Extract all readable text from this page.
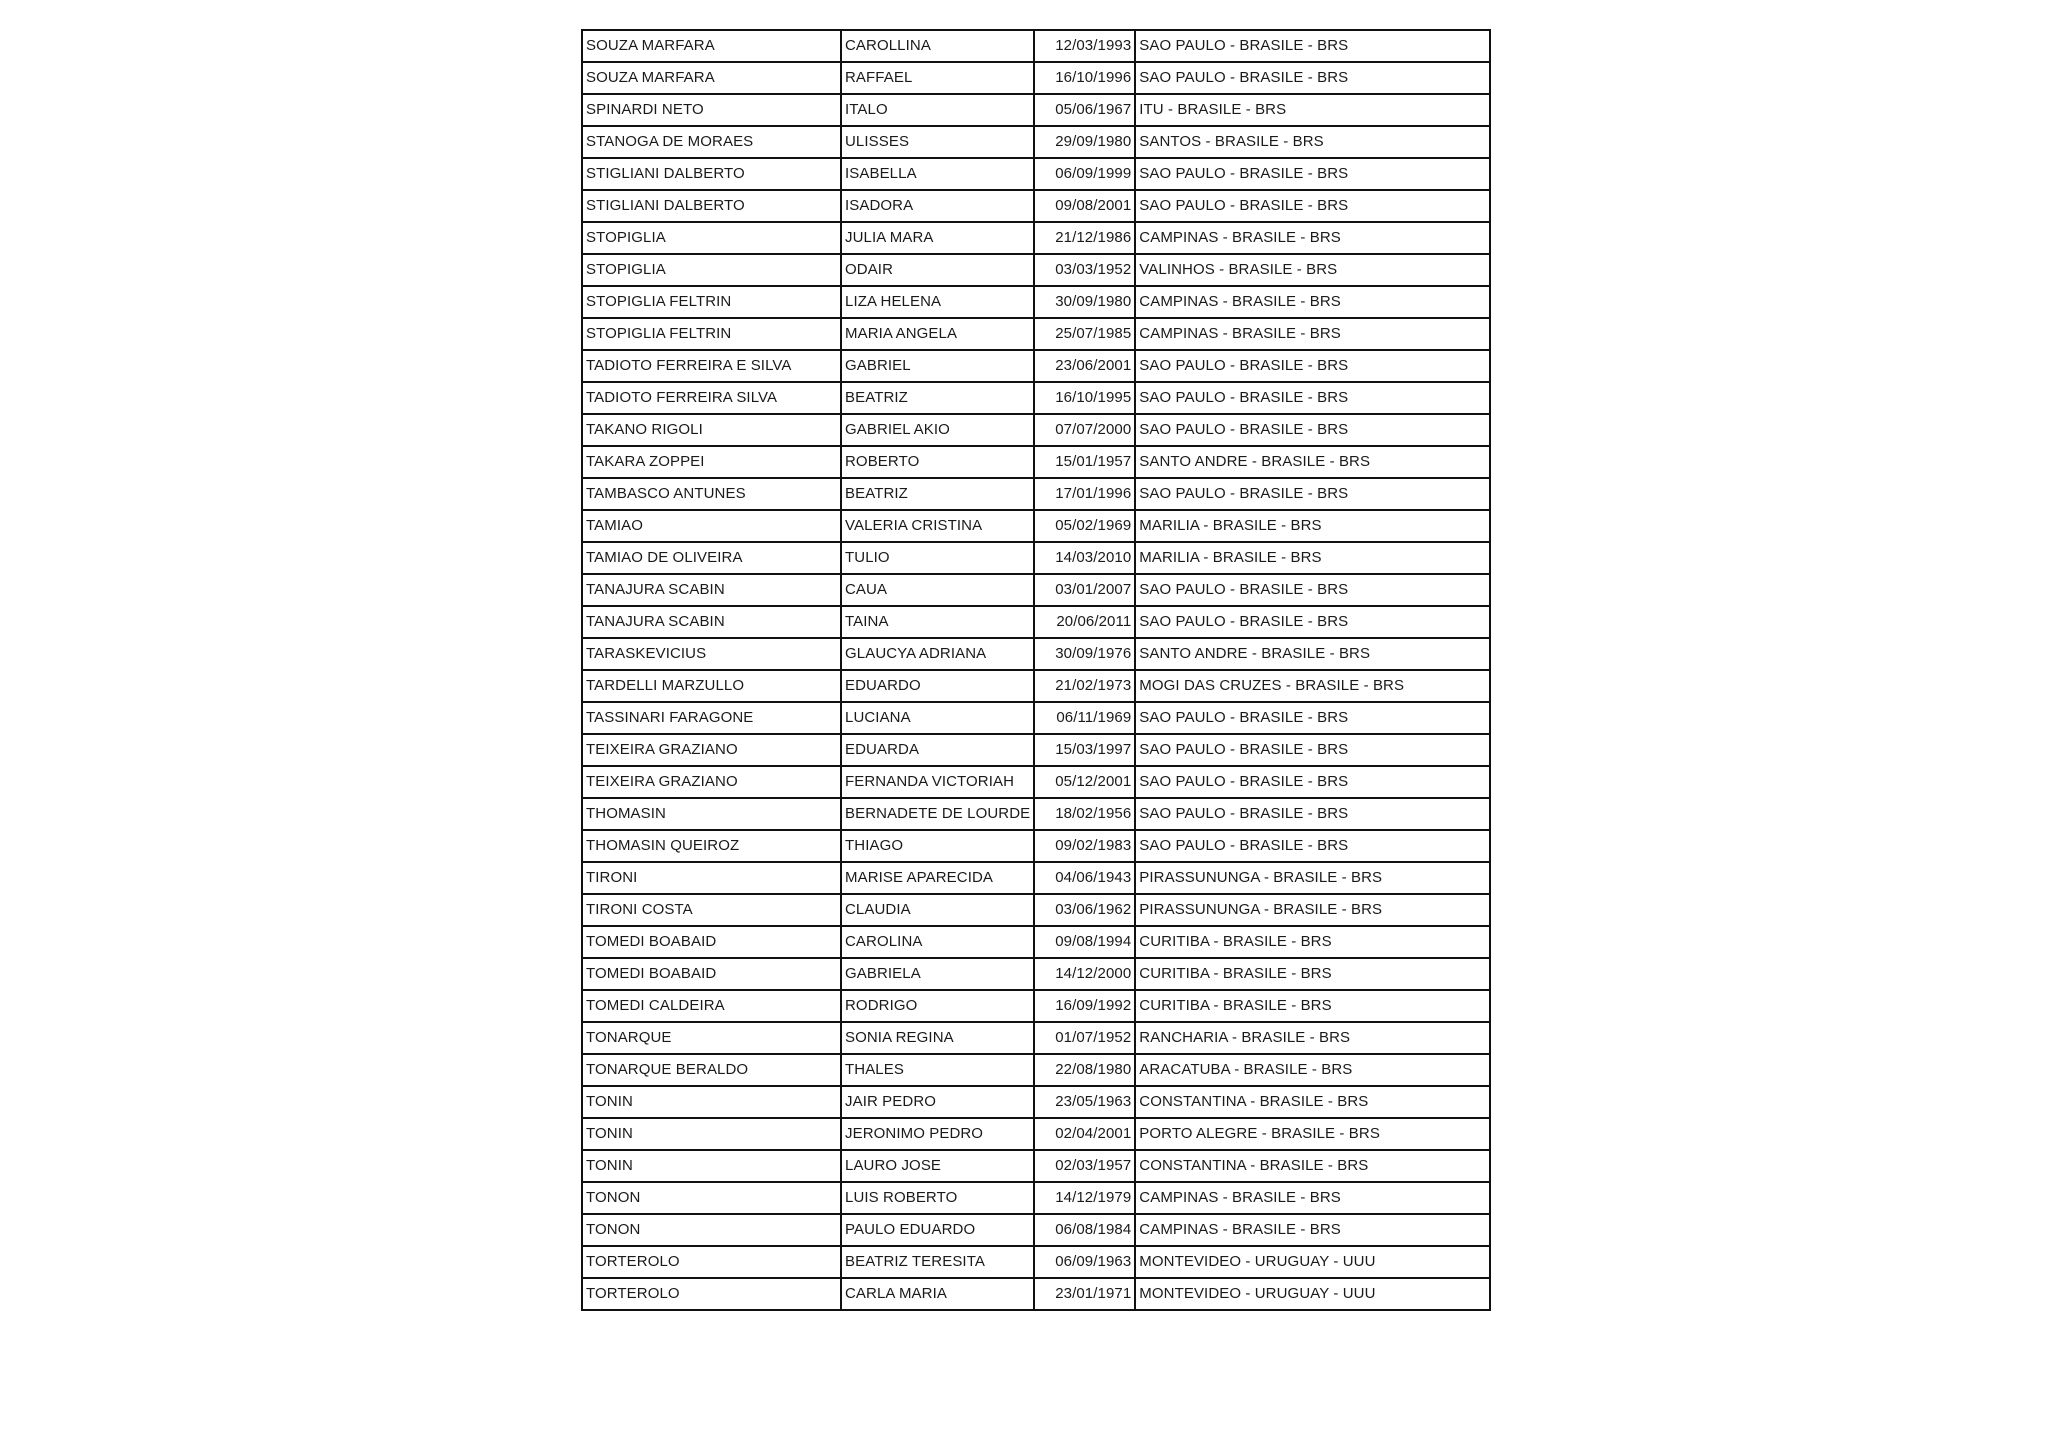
SOUZA MARFARA	CAROLLINA	12/03/1993	SAO PAULO - BRASILE - BRS
SOUZA MARFARA	RAFFAEL	16/10/1996	SAO PAULO - BRASILE - BRS
SPINARDI NETO	ITALO	05/06/1967	ITU - BRASILE - BRS
STANOGA DE MORAES	ULISSES	29/09/1980	SANTOS - BRASILE - BRS
STIGLIANI DALBERTO	ISABELLA	06/09/1999	SAO PAULO - BRASILE - BRS
STIGLIANI DALBERTO	ISADORA	09/08/2001	SAO PAULO - BRASILE - BRS
STOPIGLIA	JULIA MARA	21/12/1986	CAMPINAS - BRASILE - BRS
STOPIGLIA	ODAIR	03/03/1952	VALINHOS - BRASILE - BRS
STOPIGLIA FELTRIN	LIZA HELENA	30/09/1980	CAMPINAS - BRASILE - BRS
STOPIGLIA FELTRIN	MARIA ANGELA	25/07/1985	CAMPINAS - BRASILE - BRS
TADIOTO FERREIRA E SILVA	GABRIEL	23/06/2001	SAO PAULO - BRASILE - BRS
TADIOTO FERREIRA SILVA	BEATRIZ	16/10/1995	SAO PAULO - BRASILE - BRS
TAKANO RIGOLI	GABRIEL AKIO	07/07/2000	SAO PAULO - BRASILE - BRS
TAKARA ZOPPEI	ROBERTO	15/01/1957	SANTO ANDRE - BRASILE - BRS
TAMBASCO ANTUNES	BEATRIZ	17/01/1996	SAO PAULO - BRASILE - BRS
TAMIAO	VALERIA CRISTINA	05/02/1969	MARILIA - BRASILE - BRS
TAMIAO DE OLIVEIRA	TULIO	14/03/2010	MARILIA - BRASILE - BRS
TANAJURA SCABIN	CAUA	03/01/2007	SAO PAULO - BRASILE - BRS
TANAJURA SCABIN	TAINA	20/06/2011	SAO PAULO - BRASILE - BRS
TARASKEVICIUS	GLAUCYA ADRIANA	30/09/1976	SANTO ANDRE - BRASILE - BRS
TARDELLI MARZULLO	EDUARDO	21/02/1973	MOGI DAS CRUZES - BRASILE - BRS
TASSINARI FARAGONE	LUCIANA	06/11/1969	SAO PAULO - BRASILE - BRS
TEIXEIRA GRAZIANO	EDUARDA	15/03/1997	SAO PAULO - BRASILE - BRS
TEIXEIRA GRAZIANO	FERNANDA VICTORIAH	05/12/2001	SAO PAULO - BRASILE - BRS
THOMASIN	BERNADETE DE LOURDE	18/02/1956	SAO PAULO - BRASILE - BRS
THOMASIN QUEIROZ	THIAGO	09/02/1983	SAO PAULO - BRASILE - BRS
TIRONI	MARISE APARECIDA	04/06/1943	PIRASSUNUNGA - BRASILE - BRS
TIRONI COSTA	CLAUDIA	03/06/1962	PIRASSUNUNGA - BRASILE - BRS
TOMEDI BOABAID	CAROLINA	09/08/1994	CURITIBA - BRASILE - BRS
TOMEDI BOABAID	GABRIELA	14/12/2000	CURITIBA - BRASILE - BRS
TOMEDI CALDEIRA	RODRIGO	16/09/1992	CURITIBA - BRASILE - BRS
TONARQUE	SONIA REGINA	01/07/1952	RANCHARIA - BRASILE - BRS
TONARQUE BERALDO	THALES	22/08/1980	ARACATUBA - BRASILE - BRS
TONIN	JAIR PEDRO	23/05/1963	CONSTANTINA - BRASILE - BRS
TONIN	JERONIMO PEDRO	02/04/2001	PORTO ALEGRE - BRASILE - BRS
TONIN	LAURO JOSE	02/03/1957	CONSTANTINA - BRASILE - BRS
TONON	LUIS ROBERTO	14/12/1979	CAMPINAS - BRASILE - BRS
TONON	PAULO EDUARDO	06/08/1984	CAMPINAS - BRASILE - BRS
TORTEROLO	BEATRIZ TERESITA	06/09/1963	MONTEVIDEO - URUGUAY - UUU
TORTEROLO	CARLA MARIA	23/01/1971	MONTEVIDEO - URUGUAY - UUU
